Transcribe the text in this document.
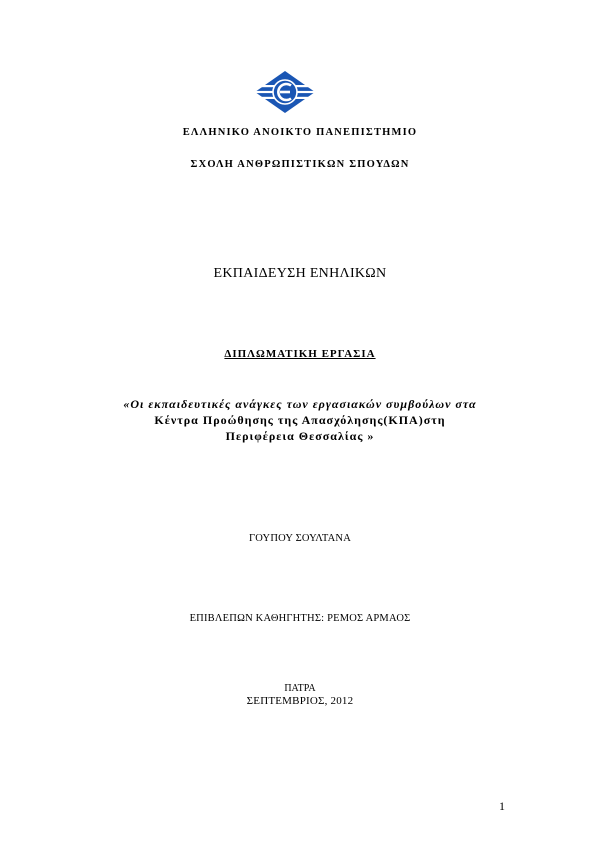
ΕΛΛΗΝΙΚΟ ΑΝΟΙΚΤΟ ΠΑΝΕΠΙΣΤΗΜΙΟ
ΣΧΟΛΗ ΑΝΘΡΩΠΙΣΤΙΚΩΝ ΣΠΟΥΔΩΝ
ΕΚΠΑΙΔΕΥΣΗ ΕΝΗΛΙΚΩΝ
ΔΙΠΛΩΜΑΤΙΚΗ ΕΡΓΑΣΙΑ
«Οι εκπαιδευτικές ανάγκες των εργασιακών συμβούλων στα
Κέντρα Προώθησης της Απασχόλησης(ΚΠΑ)στη
Περιφέρεια Θεσσαλίας »
ΓΟΥΠΟΥ ΣΟΥΛΤΑΝΑ
ΕΠΙΒΛΕΠΩΝ ΚΑΘΗΓΗΤΗΣ: ΡΕΜΟΣ ΑΡΜΑΟΣ
ΠΑΤΡΑ
ΣΕΠΤΕΜΒΡΙΟΣ, 2012
1
